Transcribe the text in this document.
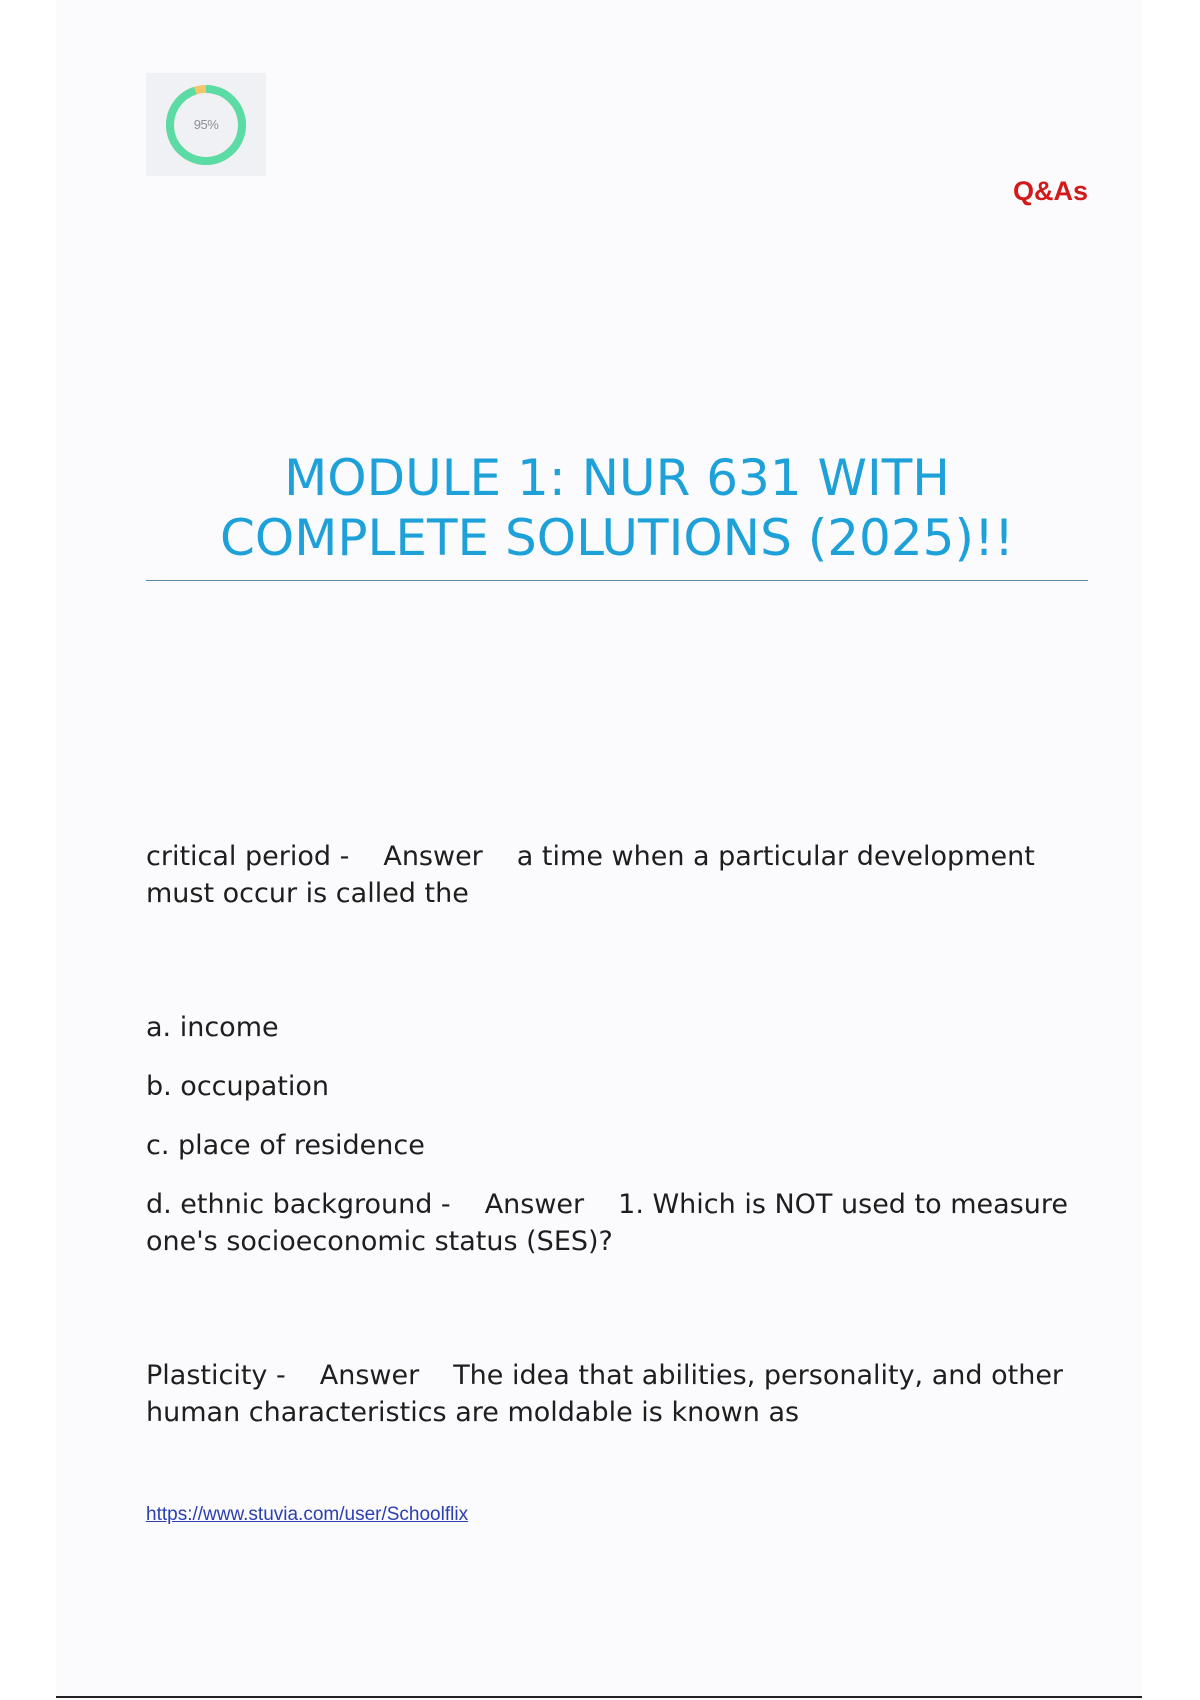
95%
Q&As
MODULE 1: NUR 631 WITH COMPLETE SOLUTIONS (2025)!!

critical period - Answer a time when a particular development must occur is called the

a. income

b. occupation

c. place of residence

d. ethnic background - Answer 1. Which is NOT used to measure one's socioeconomic status (SES)?

Plasticity - Answer The idea that abilities, personality, and other human characteristics are moldable is known as

https://www.stuvia.com/user/Schoolflix
